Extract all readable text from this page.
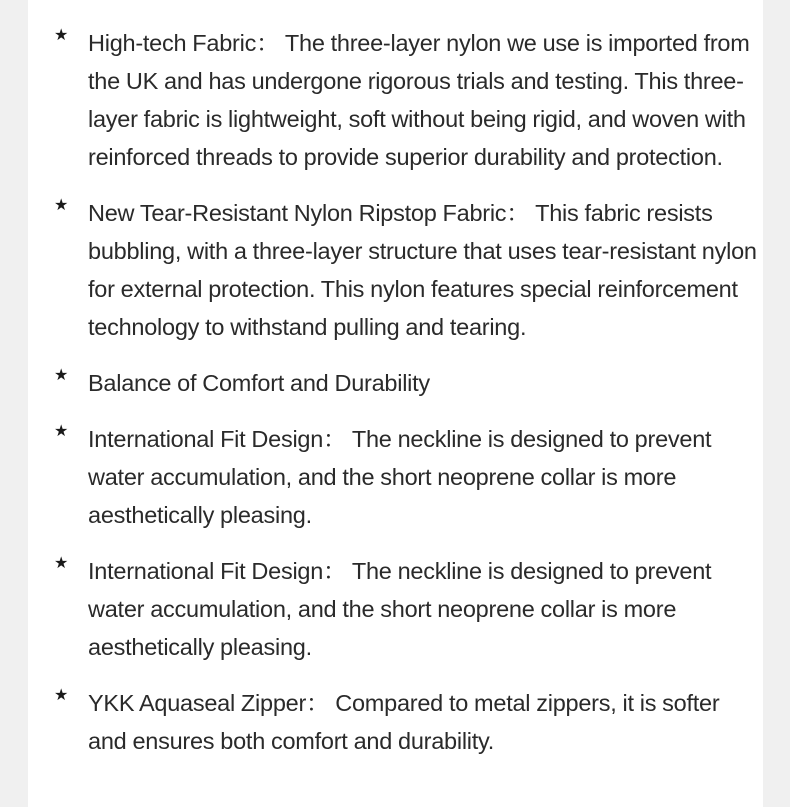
★ High-tech Fabric： The three-layer nylon we use is imported from the UK and has undergone rigorous trials and testing. This three-layer fabric is lightweight, soft without being rigid, and woven with reinforced threads to provide superior durability and protection.
★ New Tear-Resistant Nylon Ripstop Fabric： This fabric resists bubbling, with a three-layer structure that uses tear-resistant nylon for external protection. This nylon features special reinforcement technology to withstand pulling and tearing.
★ Balance of Comfort and Durability
★ International Fit Design： The neckline is designed to prevent water accumulation, and the short neoprene collar is more aesthetically pleasing.
★ International Fit Design： The neckline is designed to prevent water accumulation, and the short neoprene collar is more aesthetically pleasing.
★ YKK Aquaseal Zipper： Compared to metal zippers, it is softer and ensures both comfort and durability.
